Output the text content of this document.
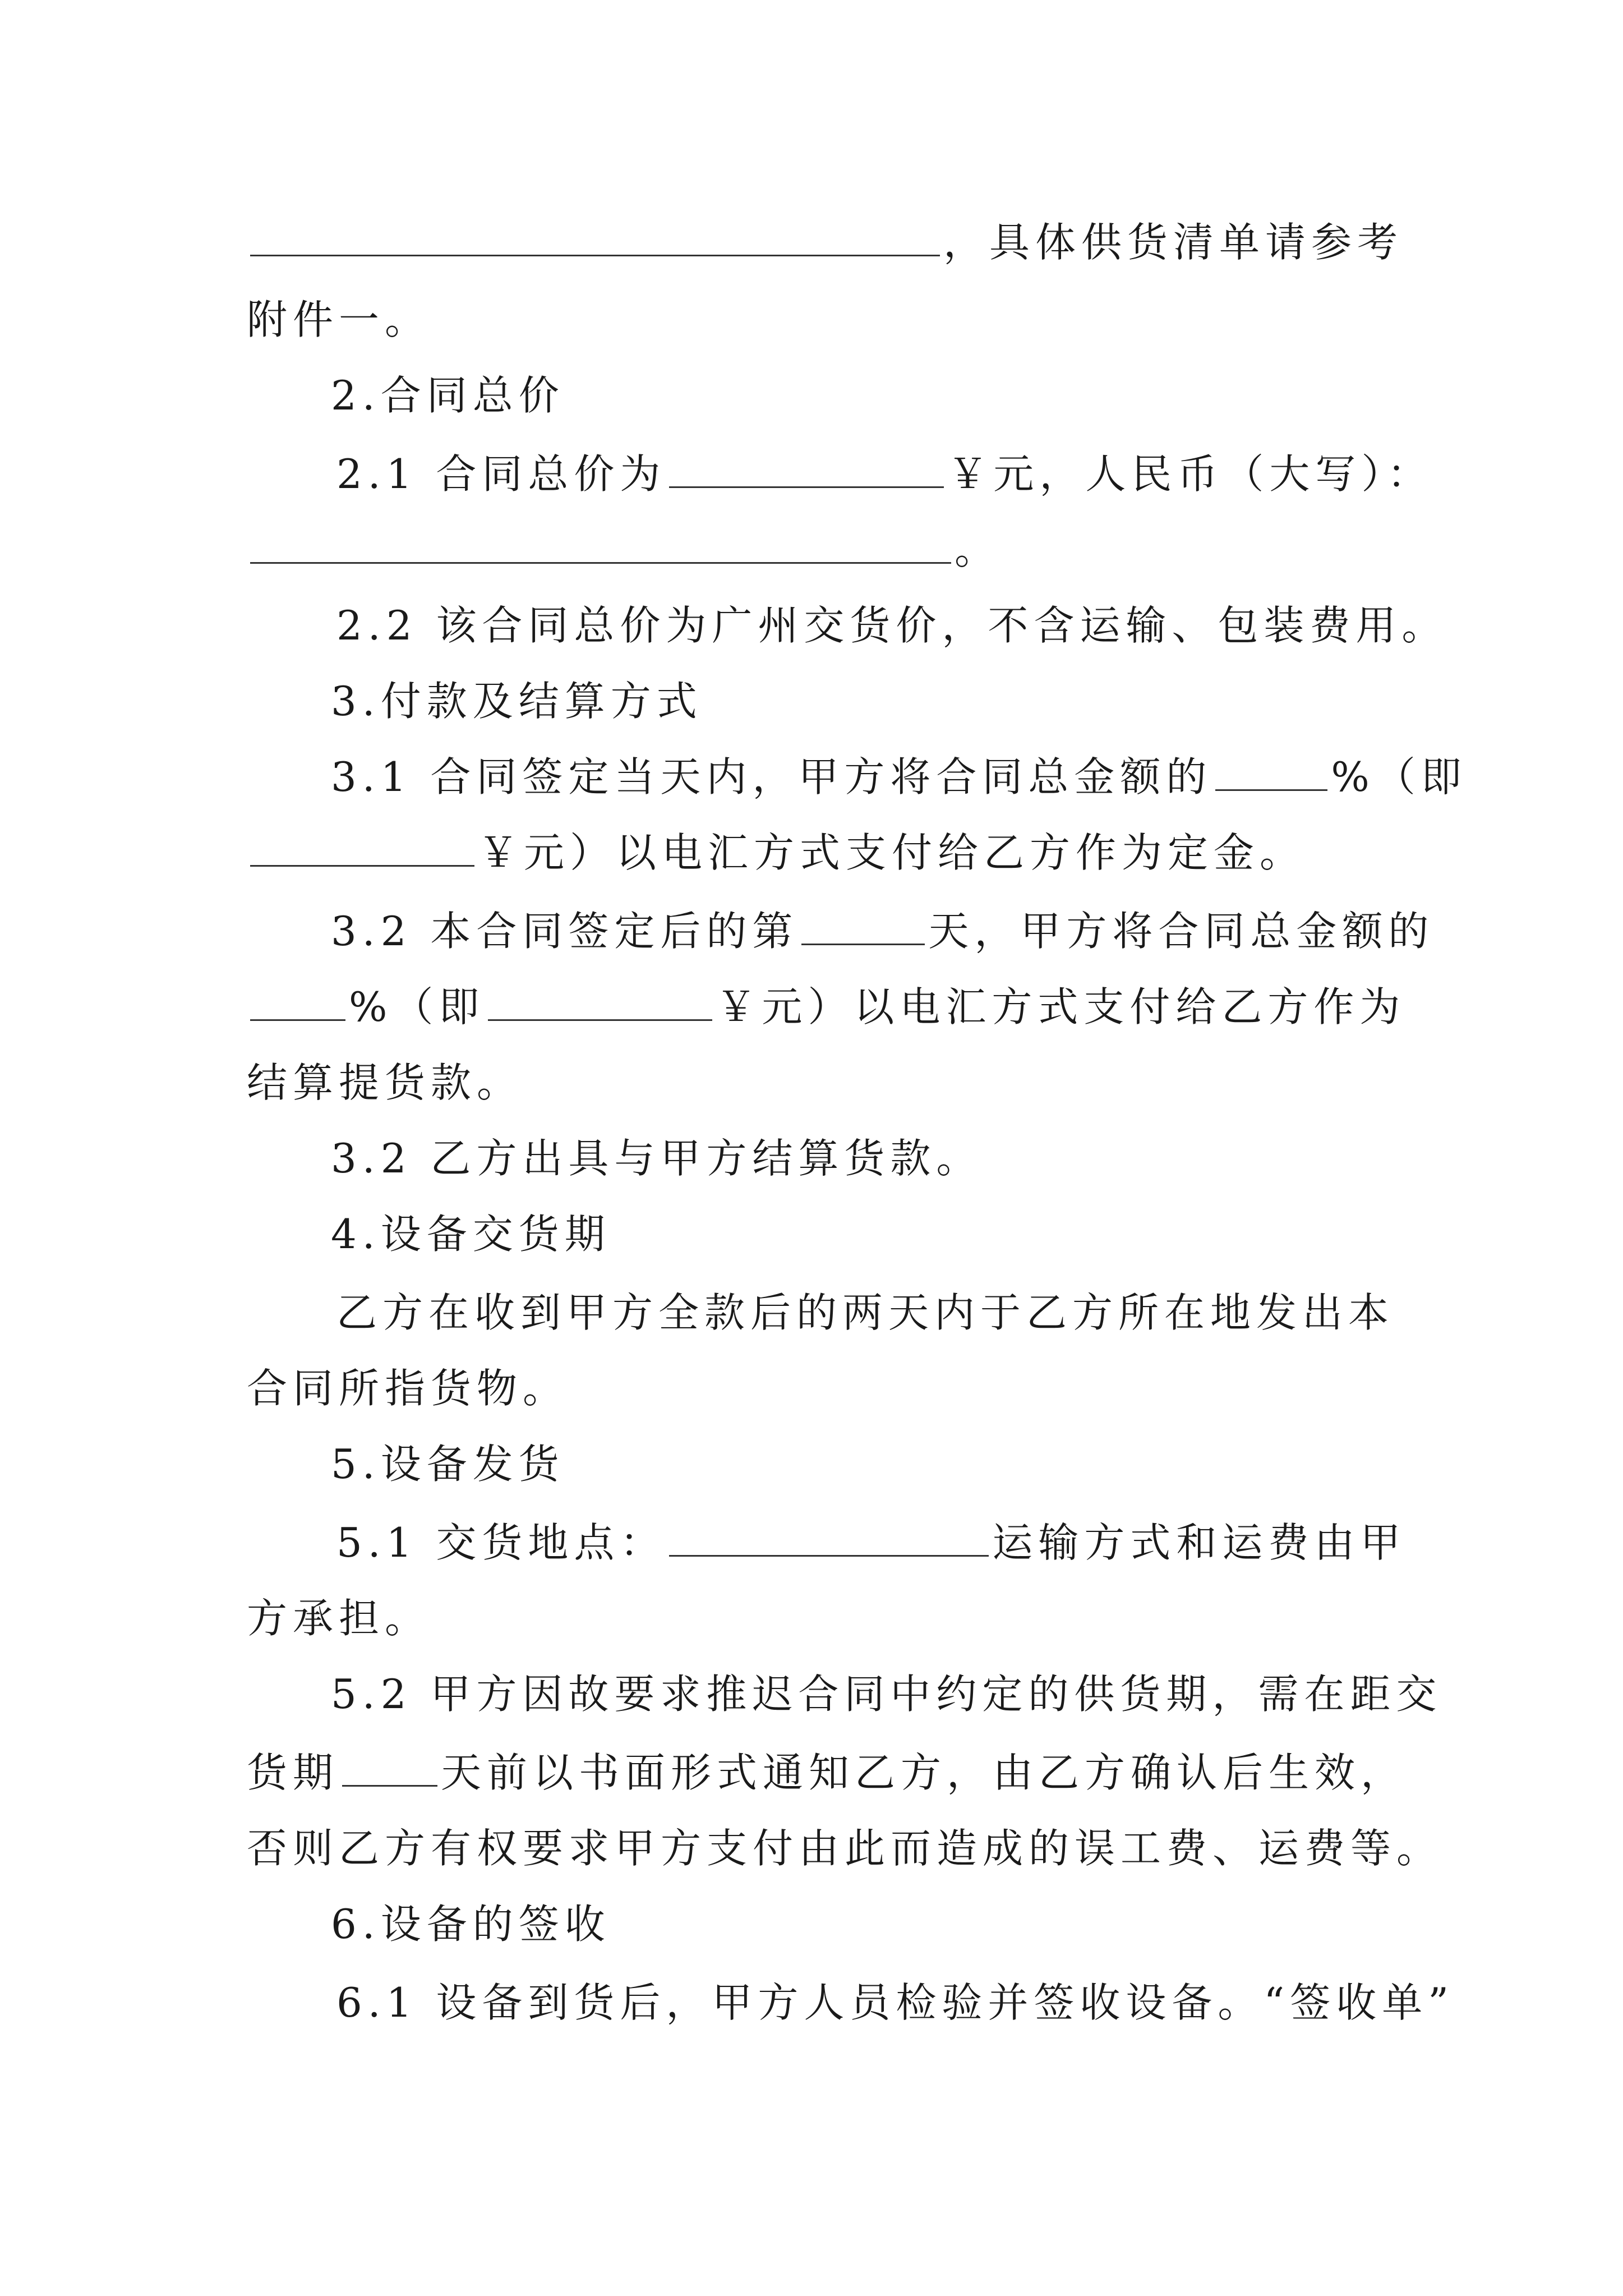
，具体供货清单请参考
附件一。
2.合同总价
2.1 合同总价为	￥元，人民币（大写）：
。
2.2 该合同总价为广州交货价，不含运输、包装费用。
3.付款及结算方式
3.1 合同签定当天内，甲方将合同总金额的	%（即
￥元）以电汇方式支付给乙方作为定金。
3.2 本合同签定后的第	天，甲方将合同总金额的
%（即	￥元）以电汇方式支付给乙方作为
结算提货款。
3.2 乙方出具与甲方结算货款。
4.设备交货期
乙方在收到甲方全款后的两天内于乙方所在地发出本
合同所指货物。
5.设备发货
5.1 交货地点：	运输方式和运费由甲
方承担。
5.2 甲方因故要求推迟合同中约定的供货期，需在距交
货期	天前以书面形式通知乙方，由乙方确认后生效，
否则乙方有权要求甲方支付由此而造成的误工费、运费等。
6.设备的签收
6.1 设备到货后，甲方人员检验并签收设备。“签收单”
